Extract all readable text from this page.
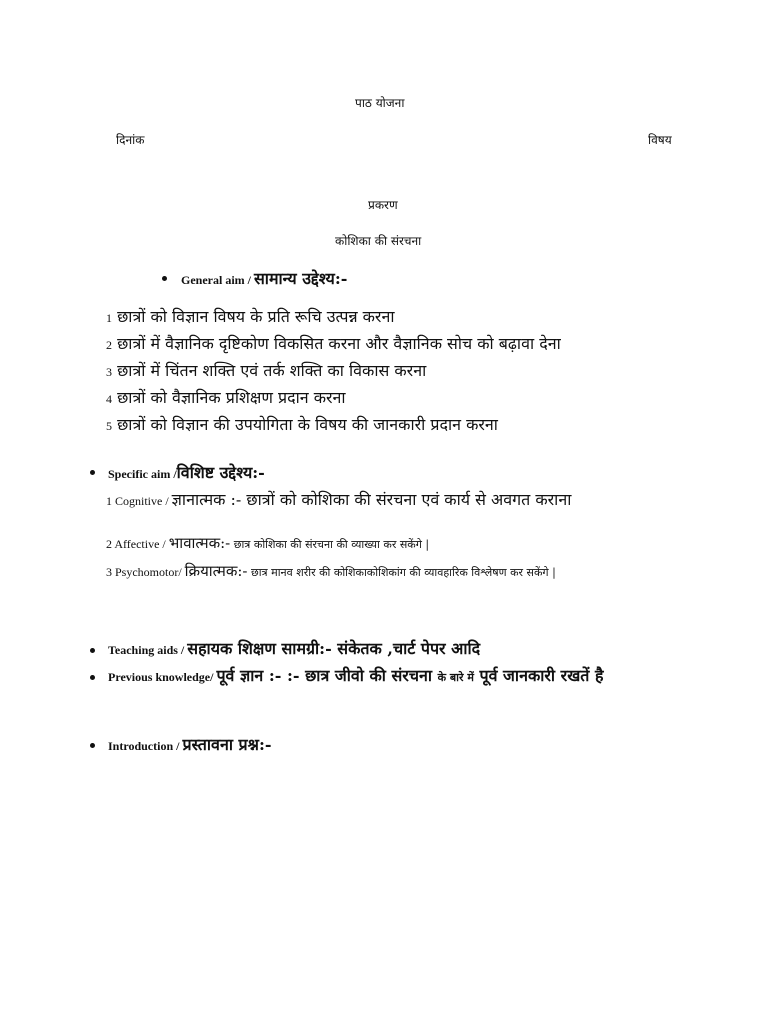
पाठ योजना
दिनांक	विषय
प्रकरण
कोशिका की संरचना
General aim / सामान्य उद्देश्य:-
1 छात्रों को विज्ञान विषय के प्रति रूचि उत्पन्न करना
2 छात्रों में वैज्ञानिक दृष्टिकोण विकसित करना और वैज्ञानिक सोच को बढ़ावा देना
3 छात्रों में चिंतन शक्ति एवं तर्क शक्ति का विकास करना
4 छात्रों को वैज्ञानिक प्रशिक्षण प्रदान करना
5 छात्रों को विज्ञान की उपयोगिता के विषय की जानकारी प्रदान करना
Specific aim /विशिष्ट उद्देश्य:-
1 Cognitive / ज्ञानात्मक :- छात्रों को कोशिका की संरचना एवं कार्य से अवगत कराना
2 Affective / भावात्मक:- छात्र कोशिका की संरचना की व्याख्या कर सकेंगे |
3 Psychomotor/ क्रियात्मक:- छात्र मानव शरीर की कोशिकाकोशिकांग की व्यावहारिक विश्लेषण कर सकेंगे |
Teaching aids / सहायक शिक्षण सामग्री:- संकेतक ,चार्ट पेपर आदि
Previous knowledge/ पूर्व ज्ञान :- :- छात्र जीवो की संरचना के बारे में पूर्व जानकारी रखतें है
Introduction / प्रस्तावना प्रश्न:-
